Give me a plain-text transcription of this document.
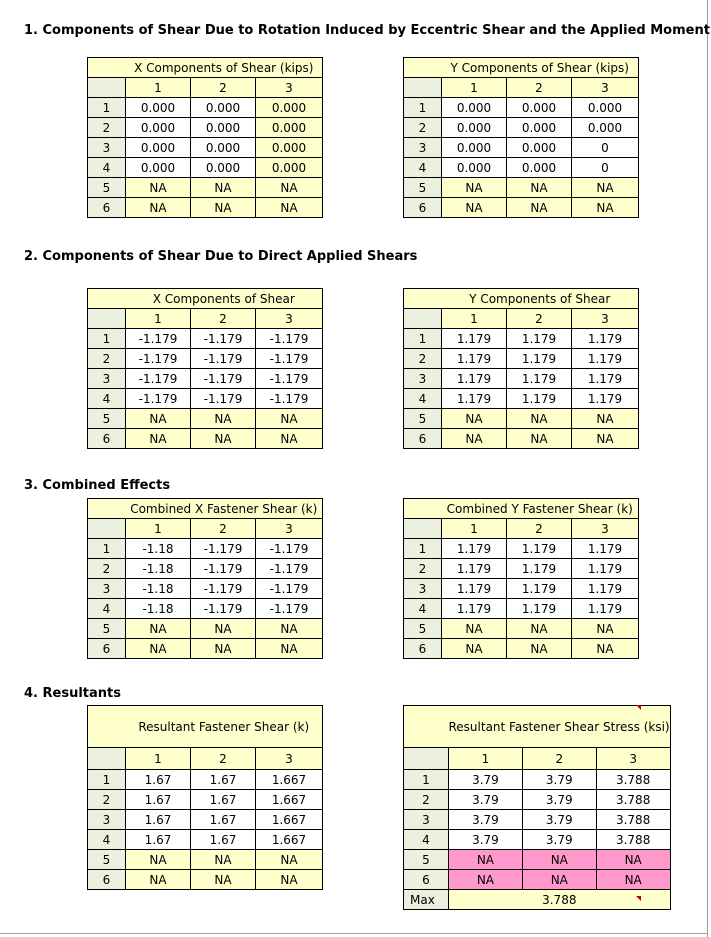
1. Components of Shear Due to Rotation Induced by Eccentric Shear and the Applied Moment
2. Components of Shear Due to Direct Applied Shears
3. Combined Effects
4. Resultants
	X Components of Shear (kips)		
	1	2	3
1	0.000	0.000	0.000
2	0.000	0.000	0.000
3	0.000	0.000	0.000
4	0.000	0.000	0.000
5	NA	NA	NA
6	NA	NA	NA
	Y Components of Shear (kips)		
	1	2	3
1	0.000	0.000	0.000
2	0.000	0.000	0.000
3	0.000	0.000	0
4	0.000	0.000	0
5	NA	NA	NA
6	NA	NA	NA
	X Components of Shear		
	1	2	3
1	-1.179	-1.179	-1.179
2	-1.179	-1.179	-1.179
3	-1.179	-1.179	-1.179
4	-1.179	-1.179	-1.179
5	NA	NA	NA
6	NA	NA	NA
	Y Components of Shear		
	1	2	3
1	1.179	1.179	1.179
2	1.179	1.179	1.179
3	1.179	1.179	1.179
4	1.179	1.179	1.179
5	NA	NA	NA
6	NA	NA	NA
	Combined X Fastener Shear (k)		
	1	2	3
1	-1.18	-1.179	-1.179
2	-1.18	-1.179	-1.179
3	-1.18	-1.179	-1.179
4	-1.18	-1.179	-1.179
5	NA	NA	NA
6	NA	NA	NA
	Combined Y Fastener Shear (k)		
	1	2	3
1	1.179	1.179	1.179
2	1.179	1.179	1.179
3	1.179	1.179	1.179
4	1.179	1.179	1.179
5	NA	NA	NA
6	NA	NA	NA
	Resultant Fastener Shear (k)		
	1	2	3
1	1.67	1.67	1.667
2	1.67	1.67	1.667
3	1.67	1.67	1.667
4	1.67	1.67	1.667
5	NA	NA	NA
6	NA	NA	NA
	Resultant Fastener Shear Stress (ksi)		
	1	2	3
1	3.79	3.79	3.788
2	3.79	3.79	3.788
3	3.79	3.79	3.788
4	3.79	3.79	3.788
5	NA	NA	NA
6	NA	NA	NA
Max	3.788		
